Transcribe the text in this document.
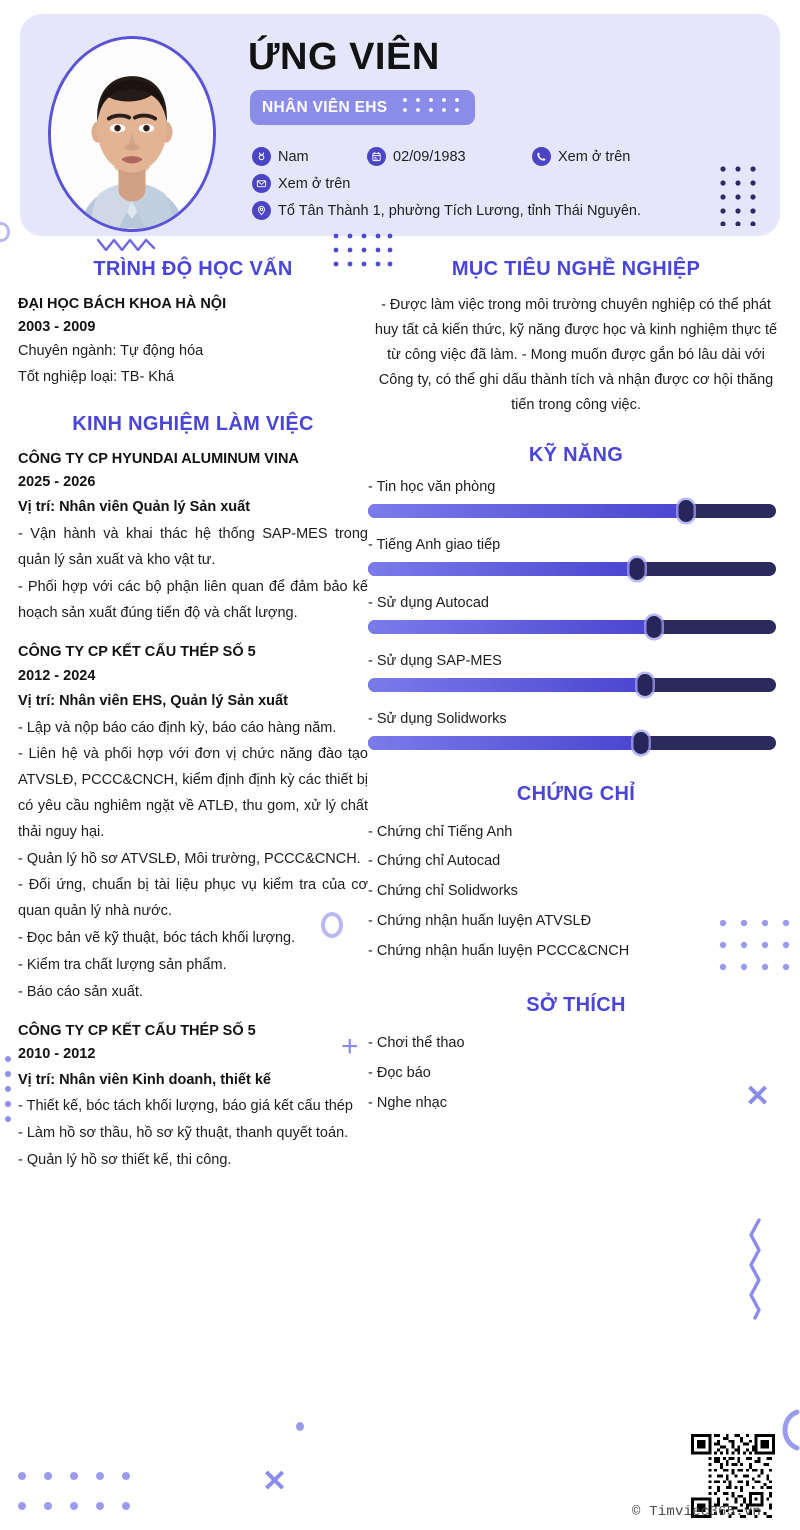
ỨNG VIÊN
NHÂN VIÊN EHS
Nam	02/09/1983	Xem ở trên
Xem ở trên
Tổ Tân Thành 1, phường Tích Lương, tỉnh Thái Nguyên.
TRÌNH ĐỘ HỌC VẤN
ĐẠI HỌC BÁCH KHOA HÀ NỘI
2003 - 2009
Chuyên ngành: Tự động hóa
Tốt nghiệp loại: TB- Khá
KINH NGHIỆM LÀM VIỆC
CÔNG TY CP HYUNDAI ALUMINUM VINA
2025 - 2026
Vị trí: Nhân viên Quản lý Sản xuất
- Vận hành và khai thác hệ thống SAP-MES trong quản lý sản xuất và kho vật tư.
- Phối hợp với các bộ phận liên quan để đảm bảo kế hoạch sản xuất đúng tiến độ và chất lượng.
CÔNG TY CP KẾT CẤU THÉP SỐ 5
2012 - 2024
Vị trí: Nhân viên EHS, Quản lý Sản xuất
- Lập và nộp báo cáo định kỳ, báo cáo hàng năm.
- Liên hệ và phối hợp với đơn vị chức năng đào tạo ATVSLĐ, PCCC&CNCH, kiểm định định kỳ các thiết bị có yêu cầu nghiêm ngặt về ATLĐ, thu gom, xử lý chất thải nguy hại.
- Quản lý hồ sơ ATVSLĐ, Môi trường, PCCC&CNCH.
- Đối ứng, chuẩn bị tài liệu phục vụ kiểm tra của cơ quan quản lý nhà nước.
- Đọc bản vẽ kỹ thuật, bóc tách khối lượng.
- Kiểm tra chất lượng sản phẩm.
- Báo cáo sản xuất.
CÔNG TY CP KẾT CẤU THÉP SỐ 5
2010 - 2012
Vị trí: Nhân viên Kinh doanh, thiết kế
- Thiết kế, bóc tách khối lượng, báo giá kết cấu thép
- Làm hồ sơ thầu, hồ sơ kỹ thuật, thanh quyết toán.
- Quản lý hồ sơ thiết kế, thi công.
MỤC TIÊU NGHỀ NGHIỆP
- Được làm việc trong môi trường chuyên nghiệp có thể phát huy tất cả kiến thức, kỹ năng được học và kinh nghiệm thực tế từ công việc đã làm. - Mong muốn được gắn bó lâu dài với Công ty, có thể ghi dấu thành tích và nhận được cơ hội thăng tiến trong công việc.
KỸ NĂNG
- Tin học văn phòng
- Tiếng Anh giao tiếp
- Sử dụng Autocad
- Sử dụng SAP-MES
- Sử dụng Solidworks
CHỨNG CHỈ
- Chứng chỉ Tiếng Anh
- Chứng chỉ Autocad
- Chứng chỉ Solidworks
- Chứng nhận huấn luyện ATVSLĐ
- Chứng nhận huấn luyện PCCC&CNCH
SỞ THÍCH
- Chơi thể thao
- Đọc báo
- Nghe nhạc
+
✕
✕
© Timviec365.vn
